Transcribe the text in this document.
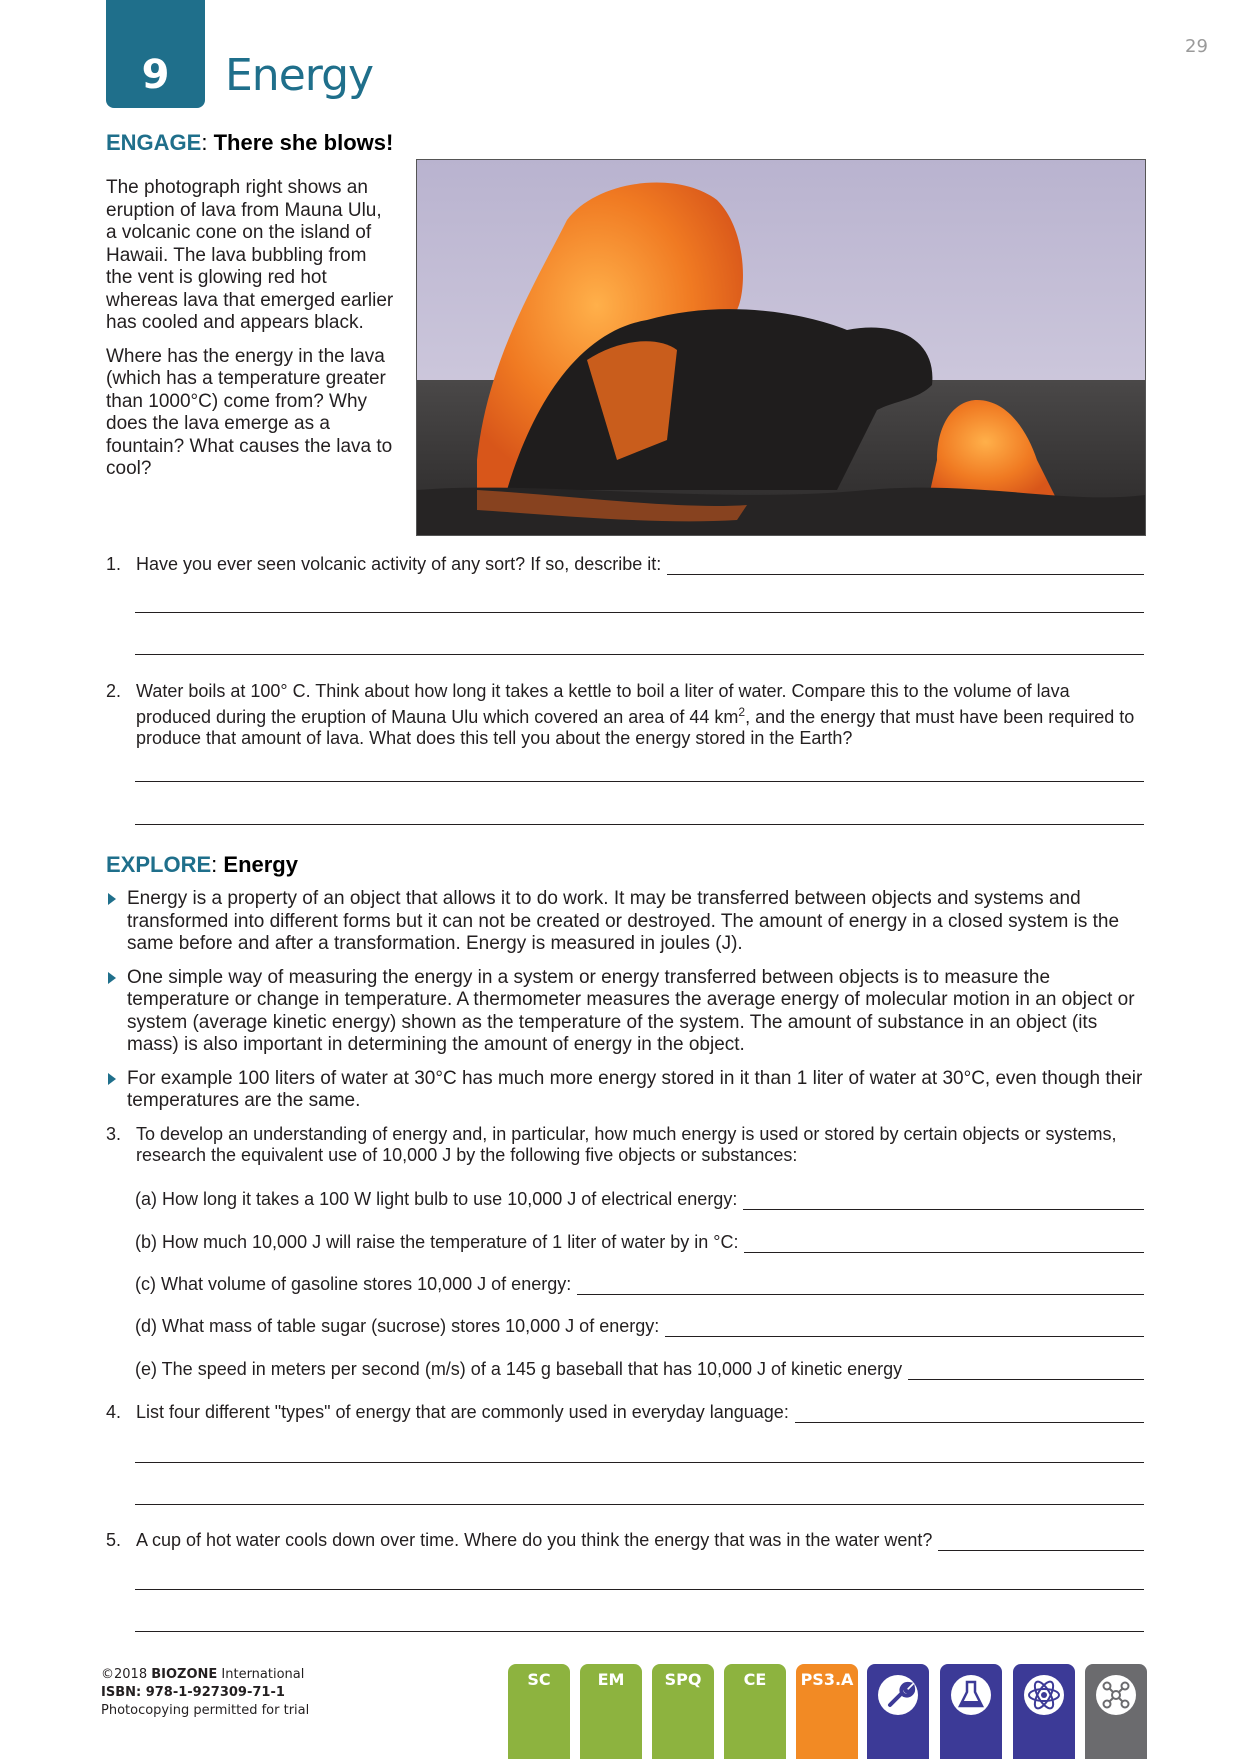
9 Energy
29
ENGAGE: There she blows!

The photograph right shows an eruption of lava from Mauna Ulu, a volcanic cone on the island of Hawaii. The lava bubbling from the vent is glowing red hot whereas lava that emerged earlier has cooled and appears black.

Where has the energy in the lava (which has a temperature greater than 1000°C) come from? Why does the lava emerge as a fountain? What causes the lava to cool?

1. Have you ever seen volcanic activity of any sort? If so, describe it:
2. Water boils at 100° C. Think about how long it takes a kettle to boil a liter of water. Compare this to the volume of lava produced during the eruption of Mauna Ulu which covered an area of 44 $km^2$, and the energy that must have been required to produce that amount of lava. What does this tell you about the energy stored in the Earth?
EXPLORE: Energy
Energy is a property of an object that allows it to do work. It may be transferred between objects and systems and transformed into different forms but it can not be created or destroyed. The amount of energy in a closed system is the same before and after a transformation. Energy is measured in joules (J).
One simple way of measuring the energy in a system or energy transferred between objects is to measure the temperature or change in temperature. A thermometer measures the average energy of molecular motion in an object or system (average kinetic energy) shown as the temperature of the system. The amount of substance in an object (its mass) is also important in determining the amount of energy in the object.
For example 100 liters of water at 30°C has much more energy stored in it than 1 liter of water at 30°C, even though their temperatures are the same.
3. To develop an understanding of energy and, in particular, how much energy is used or stored by certain objects or systems, research the equivalent use of 10,000 J by the following five objects or substances:
(a) How long it takes a 100 W light bulb to use 10,000 J of electrical energy:
(b) How much 10,000 J will raise the temperature of 1 liter of water by in °C:
(c) What volume of gasoline stores 10,000 J of energy:
(d) What mass of table sugar (sucrose) stores 10,000 J of energy:
(e) The speed in meters per second (m/s) of a 145 g baseball that has 10,000 J of kinetic energy
4. List four different "types" of energy that are commonly used in everyday language:
5. A cup of hot water cools down over time. Where do you think the energy that was in the water went?
©2018 BIOZONE International
ISBN: 978-1-927309-71-1
Photocopying permitted for trial
SC	EM	SPQ	CE	PS3.A
